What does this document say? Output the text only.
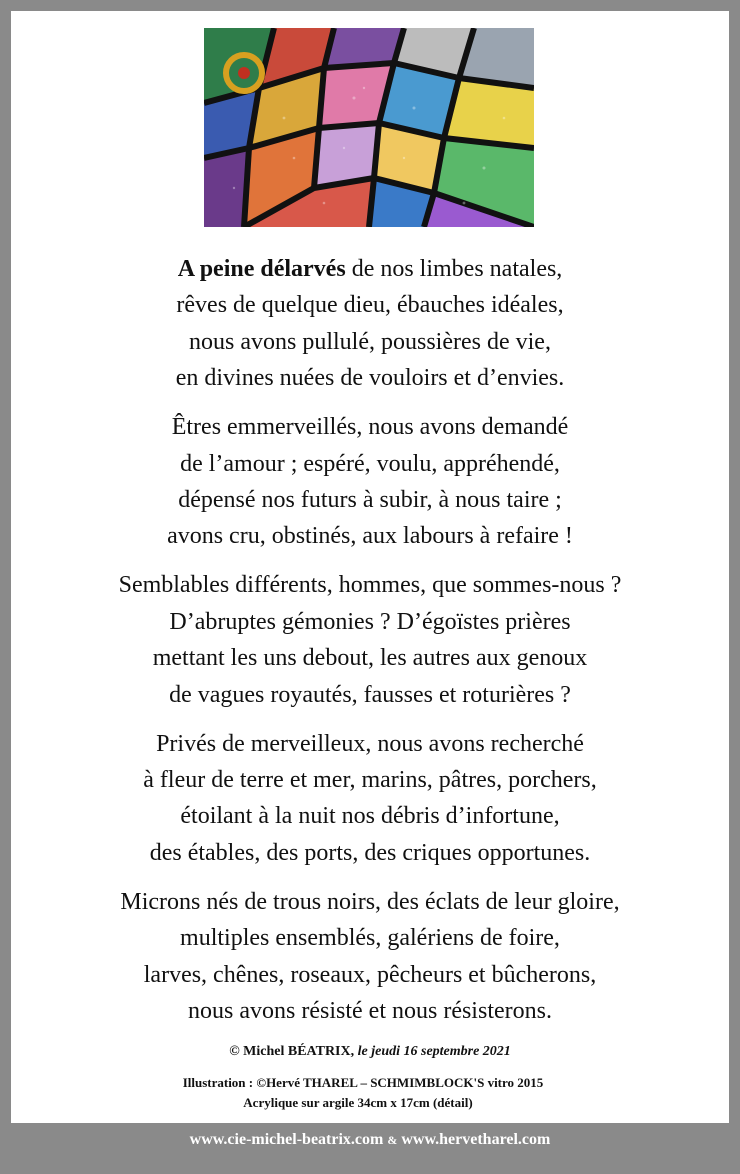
A peine délarvés de nos limbes natales,
rêves de quelque dieu, ébauches idéales,
nous avons pullulé, poussières de vie,
en divines nuées de vouloirs et d’envies.
Êtres emmerveillés, nous avons demandé
de l’amour ; espéré, voulu, appréhendé,
dépensé nos futurs à subir, à nous taire ;
avons cru, obstinés, aux labours à refaire !
Semblables différents, hommes, que sommes-nous ?
D’abruptes gémonies ? D’égoïstes prières
mettant les uns debout, les autres aux genoux
de vagues royautés, fausses et roturières ?
Privés de merveilleux, nous avons recherché
à fleur de terre et mer, marins, pâtres, porchers,
étoilant à la nuit nos débris d’infortune,
des étables, des ports, des criques opportunes.
Microns nés de trous noirs, des éclats de leur gloire,
multiples ensemblés, galériens de foire,
larves, chênes, roseaux, pêcheurs et bûcherons,
nous avons résisté et nous résisterons.
© Michel BÉATRIX, le jeudi 16 septembre 2021
Illustration : ©Hervé THAREL – SCHMIMBLOCK'S vitro 2015
Acrylique sur argile 34cm x 17cm (détail)
www.cie-michel-beatrix.com & www.hervetharel.com
